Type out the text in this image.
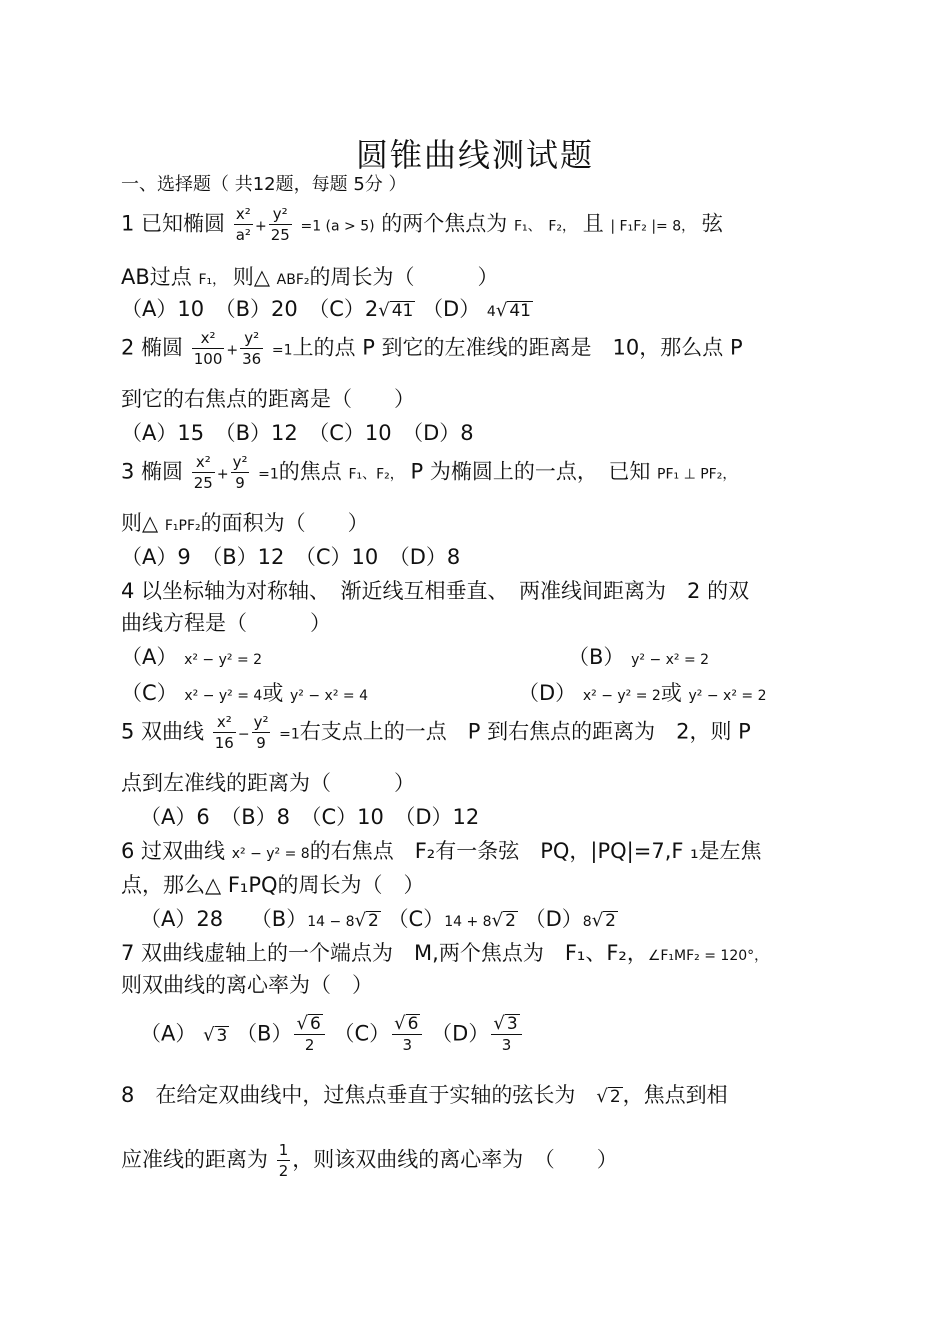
圆锥曲线测试题
一、选择题（ 共12题，每题 5分 ）
1 已知椭圆 $\frac{\text{x²}}{\text{a²}} + \frac{\text{y²}}{25} =1$ (a > 5) 的两个焦点为 F₁、 F₂， 且 | F₁F₂ |= 8， 弦
AB过点 F₁， 则△ ABF₂的周长为（　　　）
（A）10　（B）20　（C）2√ 41 （D） 4√ 41
2 椭圆 $\frac{\text{x²}}{100} + \frac{\text{y²}}{36} =1$上的点 P 到它的左准线的距离是　10，那么点 P
到它的右焦点的距离是（　　）
（A）15　（B）12　（C）10　（D）8
3 椭圆 $\frac{\text{x²}}{25} + \frac{\text{y²}}{9} =1$的焦点 F₁、F₂， P 为椭圆上的一点，　已知 PF₁ ⊥ PF₂，
则△ F₁PF₂的面积为（　　）
（A）9　（B）12　（C）10　（D）8
4 以坐标轴为对称轴、　渐近线互相垂直、　两准线间距离为　2 的双
曲线方程是（　　　）
（A） x² − y² = 2	（B） y² − x² = 2
（C） x² − y² = 4或 y² − x² = 4	（D） x² − y² = 2或 y² − x² = 2
5 双曲线 $\frac{\text{x²}}{16} - \frac{\text{y²}}{9} =1$右支点上的一点　P 到右焦点的距离为　2，则 P
点到左准线的距离为（　　　）
（A）6　（B）8　（C）10　（D）12
6 过双曲线 x² − y² = 8的右焦点　F₂有一条弦　PQ，|PQ|=7,F ₁是左焦
点，那么△ F₁PQ的周长为（　）
（A）28　 （B）14 − 8√ 2 （C）14 + 8√ 2 （D）8√ 2
7 双曲线虚轴上的一个端点为　M,两个焦点为　F₁、F₂，∠F₁MF₂ = 120°，
则双曲线的离心率为（　）
（A） √ 3 $(B) \frac{√ 6}{2} (C) \frac{√ 6}{3} (D) \frac{√ 3}{3}$
8　在给定双曲线中，过焦点垂直于实轴的弦长为　 √ 2，焦点到相
应准线的距离为 $\frac{1}{2}$ ，则该双曲线的离心率为　（　　）
